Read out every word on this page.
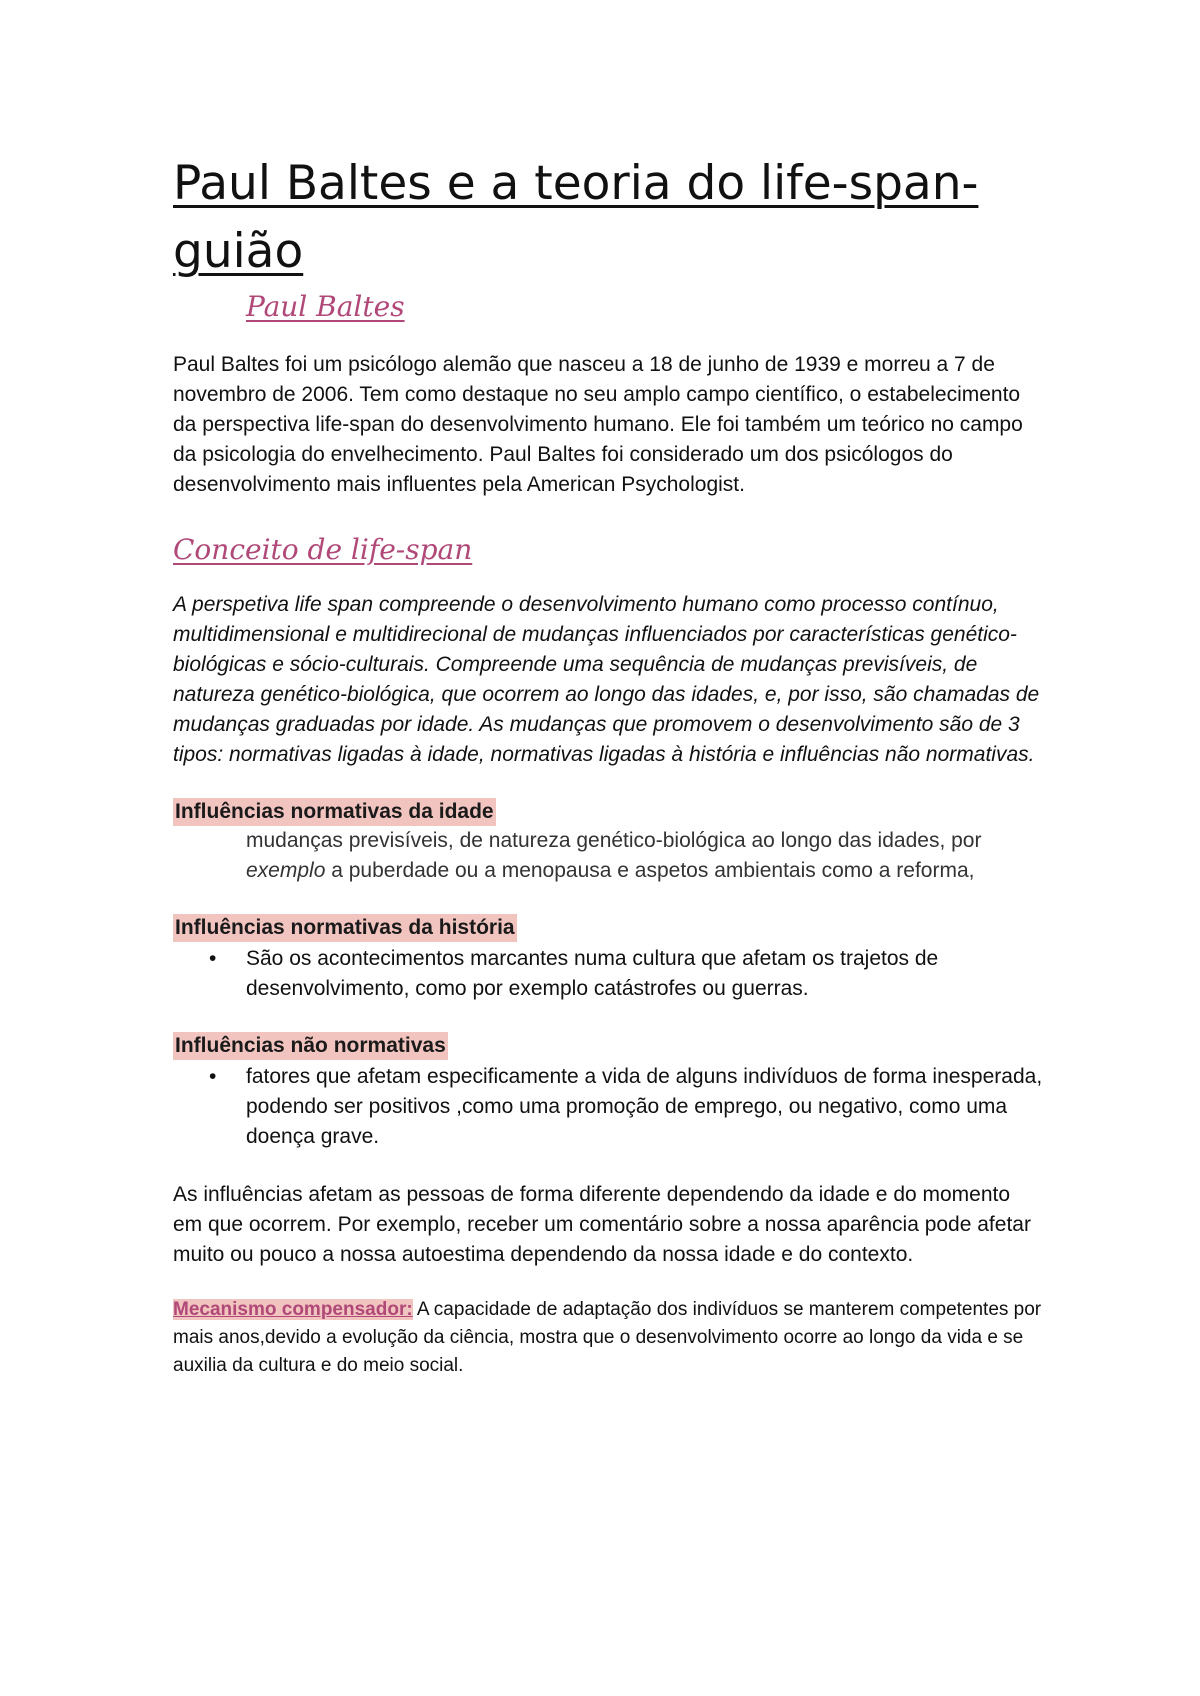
Paul Baltes e a teoria do life-span-guião
Paul Baltes

Paul Baltes foi um psicólogo alemão que nasceu a 18 de junho de 1939 e morreu a 7 de novembro de 2006. Tem como destaque no seu amplo campo científico, o estabelecimento da perspectiva life-span do desenvolvimento humano. Ele foi também um teórico no campo da psicologia do envelhecimento. Paul Baltes foi considerado um dos psicólogos do desenvolvimento mais influentes pela American Psychologist.

Conceito de life-span

A perspetiva life span compreende o desenvolvimento humano como processo contínuo, multidimensional e multidirecional de mudanças influenciados por características genético-biológicas e sócio-culturais. Compreende uma sequência de mudanças previsíveis, de natureza genético-biológica, que ocorrem ao longo das idades, e, por isso, são chamadas de mudanças graduadas por idade. As mudanças que promovem o desenvolvimento são de 3 tipos: normativas ligadas à idade, normativas ligadas à história e influências não normativas.

Influências normativas da idade

mudanças previsíveis, de natureza genético-biológica ao longo das idades, por exemplo a puberdade ou a menopausa e aspetos ambientais como a reforma,

Influências normativas da história
• São os acontecimentos marcantes numa cultura que afetam os trajetos de desenvolvimento, como por exemplo catástrofes ou guerras.
Influências não normativas
• fatores que afetam especificamente a vida de alguns indivíduos de forma inesperada, podendo ser positivos ,como uma promoção de emprego, ou negativo, como uma doença grave.

As influências afetam as pessoas de forma diferente dependendo da idade e do momento em que ocorrem. Por exemplo, receber um comentário sobre a nossa aparência pode afetar muito ou pouco a nossa autoestima dependendo da nossa idade e do contexto.

Mecanismo compensador: A capacidade de adaptação dos indivíduos se manterem competentes por mais anos,devido a evolução da ciência, mostra que o desenvolvimento ocorre ao longo da vida e se auxilia da cultura e do meio social.
